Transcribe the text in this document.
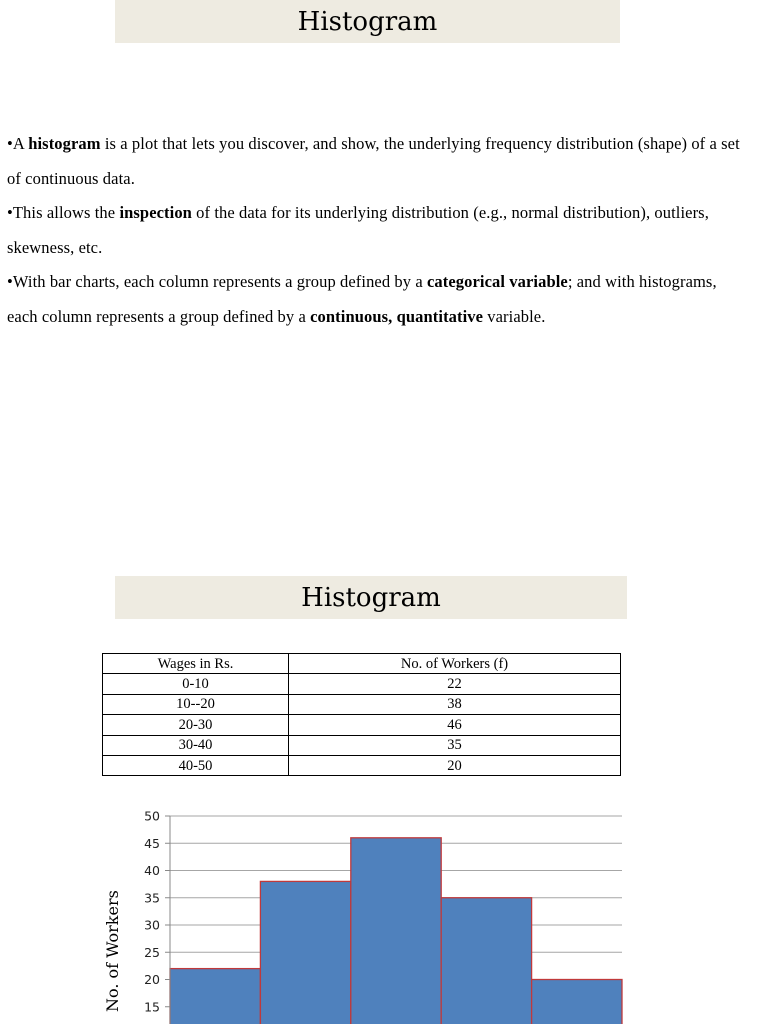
Histogram

•A histogram is a plot that lets you discover, and show, the underlying frequency distribution (shape) of a set of continuous data.

•This allows the inspection of the data for its underlying distribution (e.g., normal distribution), outliers, skewness, etc.

•With bar charts, each column represents a group defined by a categorical variable; and with histograms, each column represents a group defined by a continuous, quantitative variable.

Histogram
Wages in Rs.	No. of Workers (f)
0-10	22
10--20	38
20-30	46
30-40	35
40-50	20
15
20
25
30
35
40
45
50
No. of Workers
